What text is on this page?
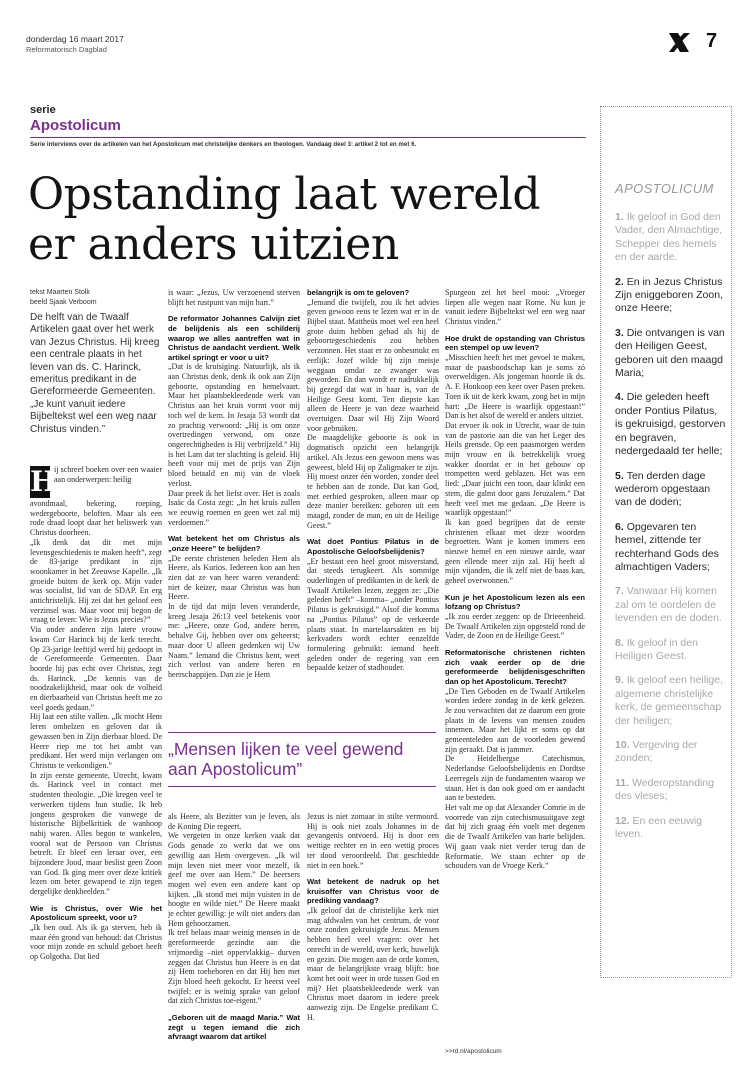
donderdag 16 maart 2017
Reformatorisch Dagblad	7
serie
Apostolicum
Serie interviews over de artikelen van het Apostolicum met christelijke denkers en theologen. Vandaag deel 3: artikel 2 tot en met 6.
Opstanding laat wereld
er anders uitzien
tekst Maarten Stolk
beeld Sjaak Verboom
De helft van de Twaalf Artikelen gaat over het werk van Jezus Christus. Hij kreeg een centrale plaats in het leven van ds. C. Harinck, emeritus predikant in de Gereformeerde Gemeenten. „Je kunt vanuit iedere Bijbeltekst wel een weg naar Christus vinden.”
H
ij schreef boeken over een waaier aan onderwerpen: heilig
avondmaal, bekering, roeping, wedergeboorte, beloften. Maar als een rode draad loopt daar het beliswerk van Christus doorheen.
„Ik denk dat dit met mijn levensgeschiedenis te maken heeft”, zegt de 83-jarige predikant in zijn woonkamer in het Zeeuwse Kapelle. „Ik groeide buiten de kerk op. Mijn vader was socialist, lid van de SDAP. En erg antichristelijk. Hij zei dat het geloof een verzinsel was. Maar voor mij begon de vraag te leven: Wie is Jezus precies?”
Via onder anderen zijn latere vrouw kwam Cor Harinck bij de kerk terecht. Op 23-jarige leeftijd werd hij gedoopt in de Gereformeerde Gemeenten. Daar hoorde hij pas echt over Christus, zegt ds. Harinck. „De kennis van de noodzakelijkheid, maar ook de volheid en dierbaarheid van Christus heeft me zo veel goeds gedaan.”
Hij laat een stilte vallen. „Ik mocht Hem leren omhelzen en geloven dat ik gewassen ben in Zijn dierbaar bloed. De Heere riep me tot het ambt van predikant. Het werd mijn verlangen om Christus te verkondigen.”
In zijn eerste gemeente, Utrecht, kwam ds. Harinck veel in contact met studenten theologie. „Die kregen veel te verwerken tijdens hun studie. Ik heb jongens gesproken die vanwege de historische Bijbelkritiek de wanhoop nabij waren. Alles begon te wankelen, vooral wat de Persoon van Christus betreft. Er bleef een leraar over, een bijzondere Jood, maar beslist geen Zoon van God. Ik ging meer over deze kritiek lezen om beter gewapend te zijn tegen dergelijke denkbeelden.”
Wie is Christus, over Wie het Apostolicum spreekt, voor u?
„Ik ben oud. Als ik ga sterven, heb ik maar één grond van behoud: dat Christus voor mijn zonde en schuld geboet heeft op Golgotha. Dat lied
is waar: „Jezus, Uw verzoenend sterven blijft het rustpunt van mijn hart.”
De reformator Johannes Calvijn ziet de belijdenis als een schilderij waarop we alles aantreffen wat in Christus de aandacht verdient. Welk artikel springt er voor u uit?
„Dat is de kruisiging. Natuurlijk, als ik aan Christus denk, denk ik ook aan Zijn geboorte, opstanding en hemelvaart. Maar het plaatsbekleedende werk van Christus aan het kruis vormt voor mij toch wel de kern. In Jesaja 53 wordt dat zo prachtig verwoord: „Hij is om onze overtredingen verwond, om onze ongerechtigheden is Hij verbrijzeld.” Hij is het Lam dat ter slachting is geleid. Hij heeft voor mij met de prijs van Zijn bloed betaald en mij van de vloek verlost.
Daar preek ik het liefst over. Het is zoals Isaäc da Costa zegt: „In het kruis zullen we eeuwig roemen en geen wet zal mij verdoemen.”
Wat betekent het om Christus als „onze Heere” te belijden?
„De eerste christenen beleden Hem als Heere, als Kurios. Iedereen kon aan hen zien dat ze van heer waren veranderd: niet de keizer, maar Christus was hun Heere.
In de tijd dat mijn leven veranderde, kreeg Jesaja 26:13 veel betekenis voor me: „Heere, onze God, andere heren, behalve Gij, hebben over ons geheerst; maar door U alleen gedenken wij Uw Naam.” Iemand die Christus kent, weet zich verlost van andere heren en heerschappijen. Dan zie je Hem
belangrijk is om te geloven?
„Jemand die twijfelt, zou ik het advies geven gewoon eens te lezen wat er in de Bijbel staat. Mattheüs moet wel een heel grote duim hebben gehad als hij de geboortegeschiedenis zou hebben verzonnen. Het staat er zo onbesmukt en eerlijk: Jozef wilde bij zijn meisje weggaan omdat ze zwanger was geworden. En dan wordt er nadrukkelijk bij gezegd dat wat in haar is, van de Heilige Geest komt. Ten diepste kan alleen de Heere je van deze waarheid overtuigen. Daar wil Hij Zijn Woord voor gebruiken.
De maagdelijke geboorte is ook in dogmatisch opzicht een belangrijk artikel. Als Jezus een gewoon mens was geweest, bleld Hij op Zaligmaker te zijn. Hij moest onzer één worden, zonder deel te hebben aan de zonde. Dat kan God, met eerbied gesproken, alleen maar op deze manier bereiken: geboren uit een maagd, zonder de man, en uit de Heilige Geest.”
Wat doet Pontius Pilatus in de Apostolische Geloofsbelijdenis?
„Er bestaat een heel groot misverstand, dat steeds terugkeert. Als sommige ouderlingen of predikanten in de kerk de Twaalf Artikelen lezen, zeggen ze: „Die geleden heeft” –komma– „onder Pontius Pilatus is gekruisigd.” Alsof die komma na „Pontius Pilatus” op de verkeerde plaats staat. In martelaarsakten en bij kerkvaders wordt echter eenzelfde formulering gebruikt: iemand heeft geleden onder de regering van een bepaalde keizer of stadhouder.
„Mensen lijken te veel gewend aan Apostolicum”
als Heere, als Bezitter van je leven, als de Koning Die regeert.
We vergeten in onze kerken vaak dat Gods genade zo werkt dat we ons gewillig aan Hem overgeven. „Ik wil mijn leven niet meer voor mezelf, ik geef me over aan Hem.” De heersers mogen wel even een andere kant op kijken. „Ik stond met mijn vuisten in de hoogte en wilde niet.” De Heere maakt je echter gewillig: je wilt niet anders dan Hem gehoorzamen.
Ik tref helaas maar weinig mensen in de gereformeerde gezindte aan die vrijmoedig –niet oppervlakkig– durven zeggen dat Christus hun Heere is en dat zij Hem toebehoren en dat Hij hen met Zijn bloed heeft gekocht. Er heerst veel twijfel: er is weinig sprake van geloof dat zich Christus toe-eigent.”
„Geboren uit de maagd Maria.” Wat zegt u tegen iemand die zich afvraagt waarom dat artikel
Jezus is niet zomaar in stilte vermoord. Hij is ook niet zoals Johannes in de gevangenis ontvoerd. Hij is door een wettige rechter en in een wettig proces ter dood veroordeeld. Dat geschiedde niet in een hoek.”
Wat betekent de nadruk op het kruisoffer van Christus voor de prediking vandaag?
„Ik geloof dat de christelijke kerk niet mag afdwalen van het centrum, de voor onze zonden gekruisigde Jezus. Mensen hebben heel veel vragen: over het onrecht in de wereld, over kerk, huwelijk en gezin. Die mogen aan de orde komen, maar de belangrijkste vraag blijft: hoe komt het ooit weer in orde tussen God en mij? Het plaatsbekleedende werk van Christus moet daarom in iedere preek aanwezig zijn. De Engelse predikant C. H.
Spurgeon zei het heel mooi: „Vroeger liepen alle wegen naar Rome. Nu kun je vanuit iedere Bijbeltekst wel een weg naar Christus vinden.”
Hoe drukt de opstanding van Christus een stempel op uw leven?
„Misschien heeft het met gevoel te maken, maar de paasboodschap kan je soms zó overweldigen. Als jongeman hoorde ik ds. A. F. Honkoop een keer over Pasen preken. Toen ik uit de kerk kwam, zong het in mijn hart: „De Heere is waarlijk opgestaan!” Dan is het alsof de wereld er anders uitziet.
Dat ervoer ik ook in Utrecht, waar de tuin van de pastorie aan die van het Leger des Heils grensde. Op een paasmorgen werden mijn vrouw en ik betrekkelijk vroeg wakker doordat er in het gebouw op trompetten werd geblazen. Het was een lied: „Daar juicht een toon, daar klinkt een stem, die galmt door gans Jeruzalem.” Dat heeft veel met me gedaan. „De Heere is waarlijk opgestaan!”
Ik kan goed begrijpen dat de eerste christenen elkaar met deze woorden begroetten. Want je komen immers een nieuwe hemel en een nieuwe aarde, waar geen ellende meer zijn zal. Hij heeft al mijn vijanden, die ik zelf niet de baas kan, geheel overwonnen.”
Kun je het Apostolicum lezen als een lofzang op Christus?
„Ik zou eerder zeggen: op de Drieeenheid. De Twaalf Artikelen zijn opgesteld rond de Vader, de Zoon en de Heilige Geest.”
Reformatorische christenen richten zich vaak eerder op de drie gereformeerde belijdenisgeschriften dan op het Apostolicum. Terecht?
„De Tien Geboden en de Twaalf Artikelen worden iedere zondag in de kerk gelezen. Je zou verwachten dat ze daarom een grote plaats in de levens van mensen zouden innemen. Maar het lijkt er soms op dat gemeenteleden aan de voorleden gewend zijn geraakt. Dat is jammer.
De Heidelbergse Catechismus, Nederlandse Geloofsbelijdenis en Dordtse Leerregels zijn de fundamenten waarop we staan. Het is dan ook goed om er aandacht aan te besteden.
Het valt me op dat Alexander Comrie in de voorrede van zijn catechismusuitgave zegt dat hij zich graag één voelt met degenen die de Twaalf Artikelen van harte belijden. Wij gaan vaak niet verder terug dan de Reformatie. We staan echter op de schouders van de Vroege Kerk.”
>>rd.nl/apostolicum
APOSTOLICUM
1. Ik geloof in God den Vader, den Almachtige, Schepper des hemels en der aarde.
2. En in Jezus Christus Zijn eniggeboren Zoon, onze Heere;
3. Die ontvangen is van den Heiligen Geest, geboren uit den maagd Maria;
4. Die geleden heeft onder Pontius Pilatus, is gekruisigd, gestorven en begraven, nedergedaald ter helle;
5. Ten derden dage wederom opgestaan van de doden;
6. Opgevaren ten hemel, zittende ter rechterhand Gods des almachtigen Vaders;
7. Vanwaar Hij komen zal om te oordelen de levenden en de doden.
8. Ik geloof in den Heiligen Geest.
9. Ik geloof een heilige, algemene christelijke kerk, de gemeenschap der heiligen;
10. Vergeving der zonden;
11. Wederopstanding des vleses;
12. En een eeuwig leven.
